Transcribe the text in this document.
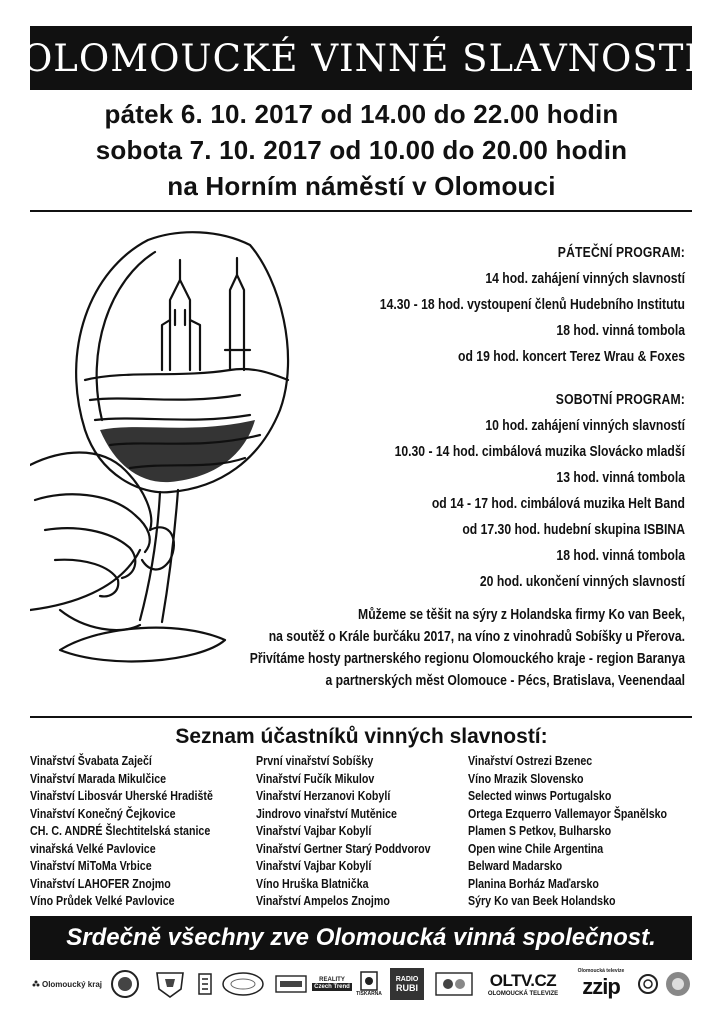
OLOMOUCKÉ VINNÉ SLAVNOSTI
pátek 6. 10. 2017 od 14.00 do 22.00 hodin
sobota 7. 10. 2017 od 10.00 do 20.00 hodin
na Horním náměstí v Olomouci
PÁTEČNÍ PROGRAM:
14 hod. zahájení vinných slavností
14.30 - 18 hod. vystoupení členů Hudebního Institutu
18 hod. vinná tombola
od 19 hod. koncert Terez Wrau & Foxes
SOBOTNÍ PROGRAM:
10 hod. zahájení vinných slavností
10.30 - 14 hod. cimbálová muzika Slovácko mladší
13 hod. vinná tombola
od 14 - 17 hod. cimbálová muzika Helt Band
od 17.30 hod. hudební skupina ISBINA
18 hod. vinná tombola
20 hod. ukončení vinných slavností
Můžeme se těšit na sýry z Holandska firmy Ko van Beek,
na soutěž o Krále burčáku 2017, na víno z vinohradů Sobíšky u Přerova.
Přivítáme hosty partnerského regionu Olomouckého kraje - region Baranya
a partnerských měst Olomouce - Pécs, Bratislava, Veenendaal
Seznam účastníků vinných slavností:
Vinařství Švabata Zaječí
Vinařství Marada Mikulčice
Vinařství Libosvár Uherské Hradiště
Vinařství Konečný Čejkovice
CH. C. ANDRÉ Šlechtitelská stanice
vinařská Velké Pavlovice
Vinařství MiToMa Vrbice
Vinařství LAHOFER Znojmo
Víno Průdek Velké Pavlovice
První vinařství Sobíšky
Vinařství Fučík Mikulov
Vinařství Herzanovi Kobylí
Jindrovo vinařství Mutěnice
Vinařství Vajbar Kobylí
Vinařství Gertner Starý Poddvorov
Vinařství Vajbar Kobylí
Víno Hruška Blatnička
Vinařství Ampelos Znojmo
Vinařství Ostrezi Bzenec
Víno Mrazik Slovensko
Selected winws Portugalsko
Ortega Ezquerro Vallemayor Španělsko
Plamen S Petkov, Bulharsko
Open wine Chile Argentina
Belward Madarsko
Planina Borház Maďarsko
Sýry Ko van Beek Holandsko
Srdečně všechny zve Olomoucká vinná společnost.
Olomoucký kraj	REALITY
Czech Trend
TISKÁRNA
RADIO
RUBI	OLTV.CZ
OLOMOUCKÁ TELEVIZE
Olomoucká televize
zzip
